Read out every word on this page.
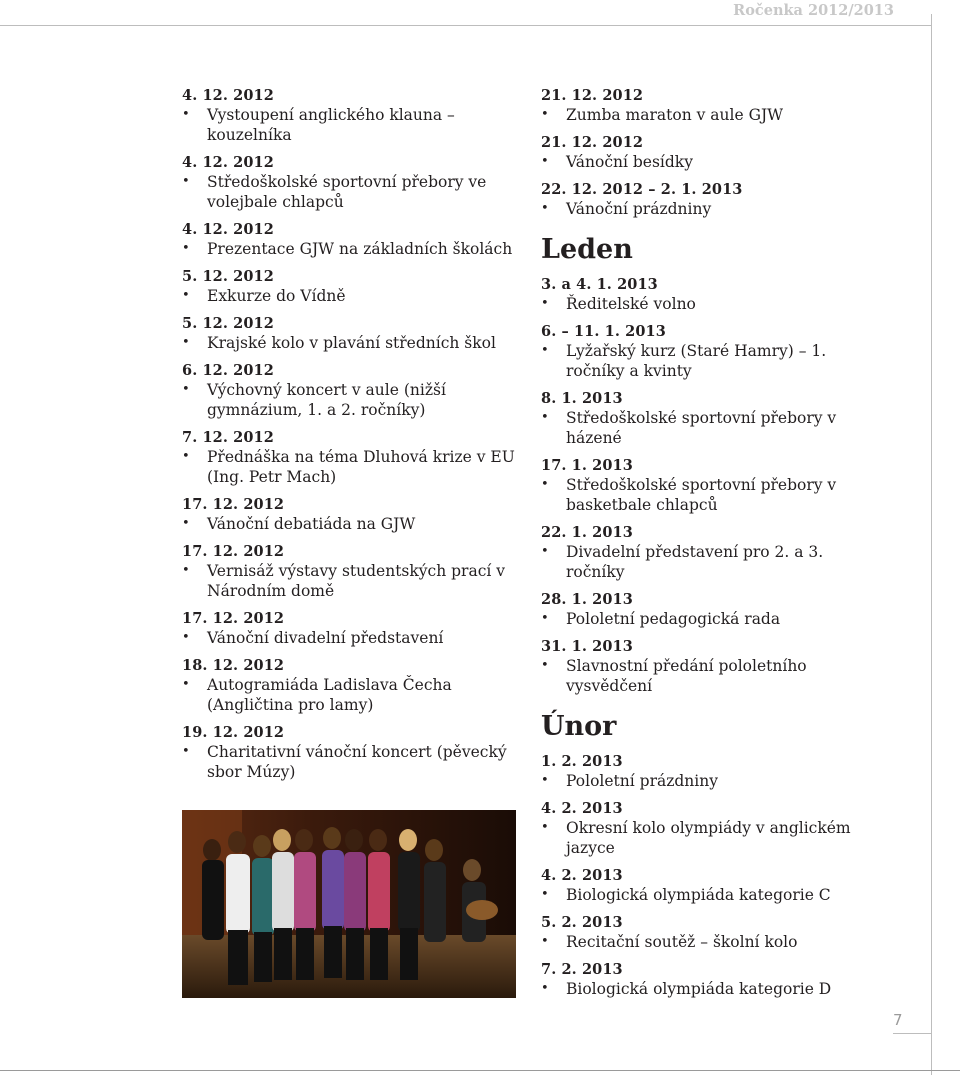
Ročenka 2012/2013
4. 12. 2012
• Vystoupení anglického klauna – kouzelníka
4. 12. 2012
• Středoškolské sportovní přebory ve volejbale chlapců
4. 12. 2012
• Prezentace GJW na základních školách
5. 12. 2012
• Exkurze do Vídně
5. 12. 2012
• Krajské kolo v plavání středních škol
6. 12. 2012
• Výchovný koncert v aule (nižší gymnázium, 1. a 2. ročníky)
7. 12. 2012
• Přednáška na téma Dluhová krize v EU (Ing. Petr Mach)
17. 12. 2012
• Vánoční debatiáda na GJW
17. 12. 2012
• Vernisáž výstavy studentských prací v Národním domě
17. 12. 2012
• Vánoční divadelní představení
18. 12. 2012
• Autogramiáda Ladislava Čecha (Angličtina pro lamy)
19. 12. 2012
• Charitativní vánoční koncert (pěvecký sbor Múzy)
21. 12. 2012
• Zumba maraton v aule GJW
21. 12. 2012
• Vánoční besídky
22. 12. 2012 – 2. 1. 2013
• Vánoční prázdniny
Leden
3. a 4. 1. 2013
• Ředitelské volno
6. – 11. 1. 2013
• Lyžařský kurz (Staré Hamry) – 1. ročníky a kvinty
8. 1. 2013
• Středoškolské sportovní přebory v házené
17. 1. 2013
• Středoškolské sportovní přebory v basketbale chlapců
22. 1. 2013
• Divadelní představení pro 2. a 3. ročníky
28. 1. 2013
• Pololetní pedagogická rada
31. 1. 2013
• Slavnostní předání pololetního vysvědčení
Únor
1. 2. 2013
• Pololetní prázdniny
4. 2. 2013
• Okresní kolo olympiády v anglickém jazyce
4. 2. 2013
• Biologická olympiáda kategorie C
5. 2. 2013
• Recitační soutěž – školní kolo
7. 2. 2013
• Biologická olympiáda kategorie D
7
